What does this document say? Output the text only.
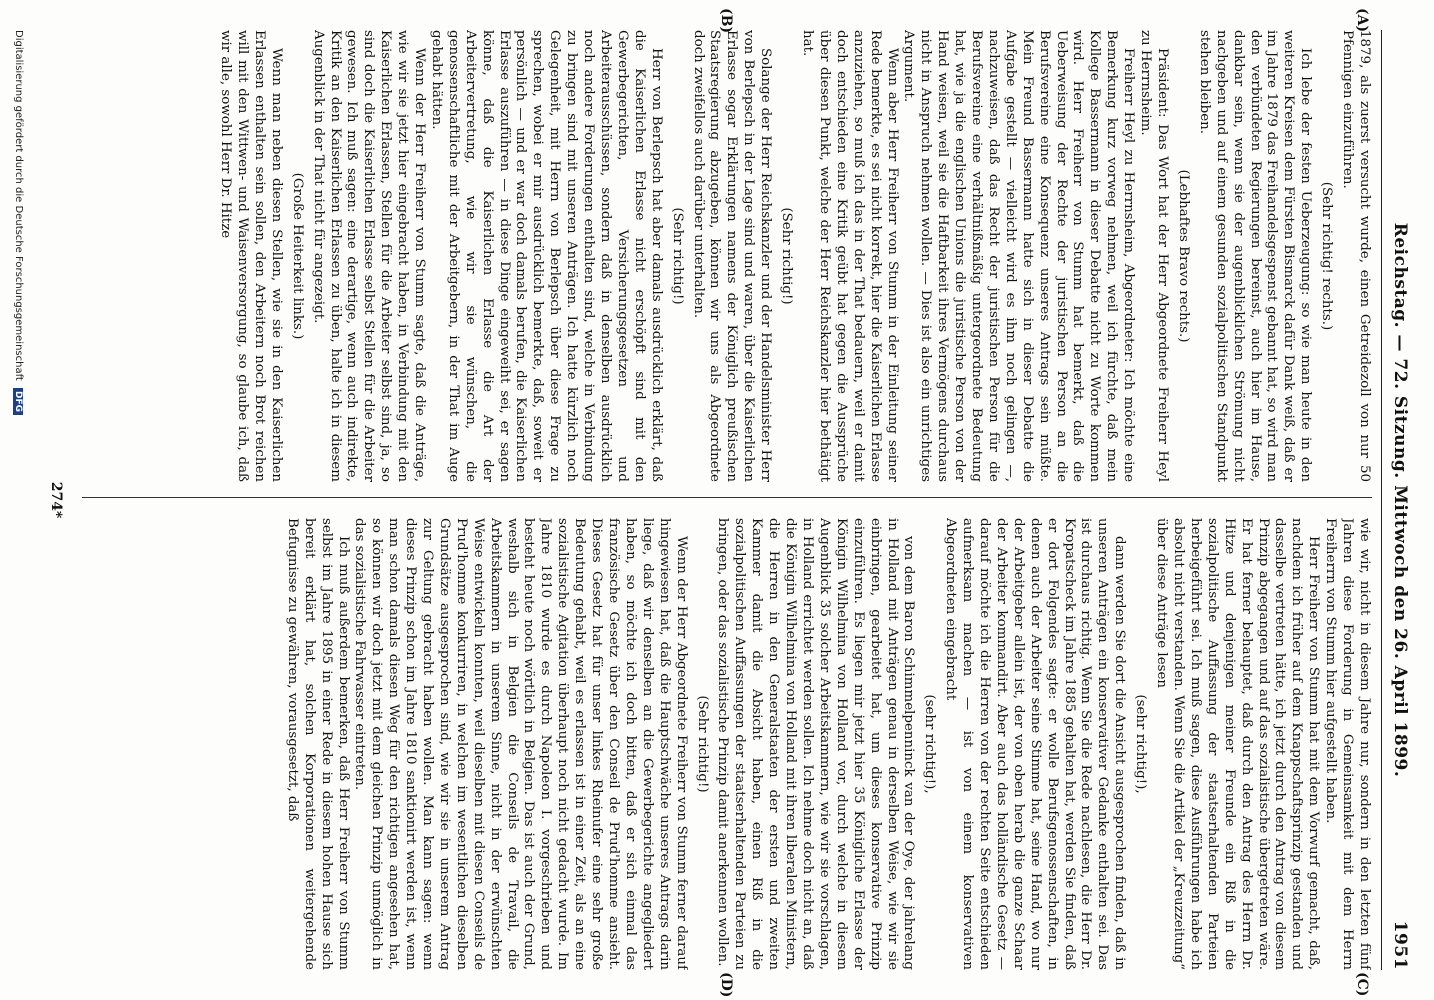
Reichstag. — 72. Sitzung. Mittwoch den 26. April 1899.
1951
(A)
(B)
(C)
(D)

1879, als zuerst versucht wurde, einen Getreidezoll von nur 50 Pfennigen einzuführen.

(Sehr richtig! rechts.)

Ich lebe der festen Ueberzeugung: so wie man heute in den weiteren Kreisen dem Fürsten Bismarck dafür Dank weiß, daß er im Jahre 1879 das Freihandelsgespenst gebannt hat, so wird man den verbündeten Regierungen bereinst, auch hier im Hause, dankbar sein, wenn sie der augenblicklichen Strömung nicht nachgeben und auf einem gesunden sozialpolitischen Standpunkt stehen bleiben.

(Lebhaftes Bravo rechts.)

Präsident: Das Wort hat der Herr Abgeordnete Freiherr Heyl zu Herrnsheim.

Freiherr Heyl zu Herrnsheim, Abgeordneter: Ich möchte eine Bemerkung kurz vorweg nehmen, weil ich fürchte, daß mein Kollege Bassermann in dieser Debatte nicht zu Worte kommen wird. Herr Freiherr von Stumm hat bemerkt, daß die Ueberweisung der Rechte der juristischen Person an die Berufsvereine eine Konsequenz unseres Antrags sein müßte. Mein Freund Bassermann hatte sich in dieser Debatte die Aufgabe gestellt — vielleicht wird es ihm noch gelingen —, nachzuweisen, daß das Recht der juristischen Person für die Berufsvereine eine verhältnißmäßig untergeordnete Bedeutung hat, wie ja die englischen Unions die juristische Person von der Hand weisen, weil sie die Haftbarkeit ihres Vermögens durchaus nicht in Anspruch nehmen wollen. — Dies ist also ein unrichtiges Argument.

Wenn aber Herr Freiherr von Stumm in der Einleitung seiner Rede bemerkte, es sei nicht korrekt, hier die Kaiserlichen Erlasse anzuziehen, so muß ich das in der That bedauern, weil er damit doch entschieden eine Kritik geübt hat gegen die Aussprüche über diesen Punkt, welche der Herr Reichskanzler hier bethätigt hat.

(Sehr richtig!)

Solange der Herr Reichskanzler und der Handelsminister Herr von Berlepsch in der Lage sind und waren, über die Kaiserlichen Erlasse sogar Erklärungen namens der Königlich preußischen Staatsregierung abzugeben, können wir uns als Abgeordnete doch zweifellos auch darüber unterhalten.

(Sehr richtig!)

Herr von Berlepsch hat aber damals ausdrücklich erklärt, daß die Kaiserlichen Erlasse nicht erschöpft sind mit den Gewerbegerichten, Versicherungsgesetzen und Arbeiterausschüssen, sondern daß in denselben ausdrücklich noch andere Forderungen enthalten sind, welche in Verbindung zu bringen sind mit unseren Anträgen. Ich hatte kürzlich noch Gelegenheit, mit Herrn von Berlepsch über diese Frage zu sprechen, wobei er mir ausdrücklich bemerkte, daß, soweit er persönlich — und er war doch damals berufen, die Kaiserlichen Erlasse auszuführen — in diese Dinge eingeweiht sei, er sagen könne, daß die Kaiserlichen Erlasse die Art der Arbeitervertretung, wie wir sie wünschen, die genossenschaftliche mit der Arbeitgebern, in der That im Auge gehabt hätten.

Wenn der Herr Freiherr von Stumm sagte, daß die Anträge, wie wir sie jetzt hier eingebracht haben, in Verbindung mit den Kaiserlichen Erlassen, Stellen für die Arbeiter selbst sind, ja, so sind doch die Kaiserlichen Erlasse selbst Stellen für die Arbeiter gewesen. Ich muß sagen: eine derartige, wenn auch indirekte, Kritik an den Kaiserlichen Erlassen zu üben, halte ich in diesem Augenblick in der That nicht für angezeigt.

(Große Heiterkeit links.)

Wenn man neben diesen Stellen, wie sie in den Kaiserlichen Erlassen enthalten sein sollen, den Arbeitern noch Brot reichen will mit den Wittwen- und Waisenversorgung, so glaube ich, daß wir alle, sowohl Herr Dr. Hitze

wie wir, nicht in diesem Jahre nur, sondern in den letzten fünf Jahren diese Forderung in Gemeinsamkeit mit dem Herrn Freiherrn von Stumm hier aufgestellt haben.

Herr Freiherr von Stumm hat mit dem Vorwurf gemacht, daß, nachdem ich früher auf dem Knappschaftsprinzip gestanden und dasselbe vertreten hätte, ich jetzt durch den Antrag von diesem Prinzip abgegangen und auf das sozialistische übergetreten wäre. Er hat ferner behauptet, daß durch den Antrag des Herrn Dr. Hitze und denjenigen meiner Freunde ein Riß in die sozialpolitische Auffassung der staatserhaltenden Parteien herbeigeführt sei. Ich muß sagen, diese Ausführungen habe ich absolut nicht verstanden. Wenn Sie die Artikel der „Kreuzzeitung“ über diese Anträge lesen

(sehr richtig!),

dann werden Sie dort die Ansicht ausgesprochen finden, daß in unseren Anträgen ein konservativer Gedanke enthalten sei. Das ist durchaus richtig. Wenn Sie die Rede nachlesen, die Herr Dr. Kropatscheck im Jahre 1885 gehalten hat, werden Sie finden, daß er dort Folgendes sagte: er wolle Berufsgenossenschaften, in denen auch der Arbeiter seine Stimme hat, seine Hand, wo nur der Arbeitgeber allein ist, der von oben herab die ganze Schaar der Arbeiter kommandirt. Aber auch das holländische Gesetz — darauf möchte ich die Herren von der rechten Seite entschieden aufmerksam machen — ist von einem konservativen Abgeordneten eingebracht

(sehr richtig!),

von dem Baron Schimmelpenninck van der Oye, der jahrelang in Holland mit Anträgen genau in derselben Weise, wie wir sie einbringen, gearbeitet hat, um dieses konservative Prinzip einzuführen. Es liegen mir jetzt hier 35 Königliche Erlasse der Königin Wilhelmina von Holland vor, durch welche in diesem Augenblick 35 solcher Arbeitskammern, wie wir sie vorschlagen, in Holland errichtet werden sollen. Ich nehme doch nicht an, daß die Königin Wilhelmina von Holland mit ihren liberalen Ministern, die Herren in den Generalstaaten der ersten und zweiten Kammer damit die Absicht haben, einen Riß in die sozialpolitischen Auffassungen der staatserhaltenden Parteien zu bringen, oder das sozialistische Prinzip damit anerkennen wollen.

(Sehr richtig!)

Wenn der Herr Abgeordnete Freiherr von Stumm ferner darauf hingewiesen hat, daß die Hauptschwäche unseres Antrags darin liege, daß wir denselben an die Gewerbegerichte angegliedert haben, so möchte ich doch bitten, daß er sich einmal das französische Gesetz über den Conseil de Prud'homme ansieht. Dieses Gesetz hat für unser linkes Rheinufer eine sehr große Bedeutung gehabt, weil es erlassen ist in einer Zeit, als an eine sozialistische Agitation überhaupt noch nicht gedacht wurde. Im Jahre 1810 wurde es durch Napoleon I. vorgeschrieben und besteht heute noch wörtlich in Belgien. Das ist auch der Grund, weshalb sich in Belgien die Conseils de Travail, die Arbeitskammern in unserem Sinne, nicht in der erwünschten Weise entwickeln konnten, weil dieselben mit diesen Conseils de Prud'homme konkurriren, in welchen im wesentlichen dieselben Grundsätze ausgesprochen sind, wie wir sie in unserem Antrag zur Geltung gebracht haben wollen. Man kann sagen: wenn dieses Prinzip schon im Jahre 1810 sanktionirt werden ist, wenn man schon damals diesen Weg für den richtigen angesehen hat, so können wir doch jetzt mit dem gleichen Prinzip unmöglich in das sozialistische Fahrwasser eintreten.

Ich muß außerdem bemerken, daß Herr Freiherr von Stumm selbst im Jahre 1895 in einer Rede in diesem hohen Hause sich bereit erklärt hat, solchen Korporationen weitergehende Befugnisse zu gewähren, vorausgesetzt, daß

274*
Digitalisierung gefördert durch die Deutsche Forschungsgemeinschaft DFG
